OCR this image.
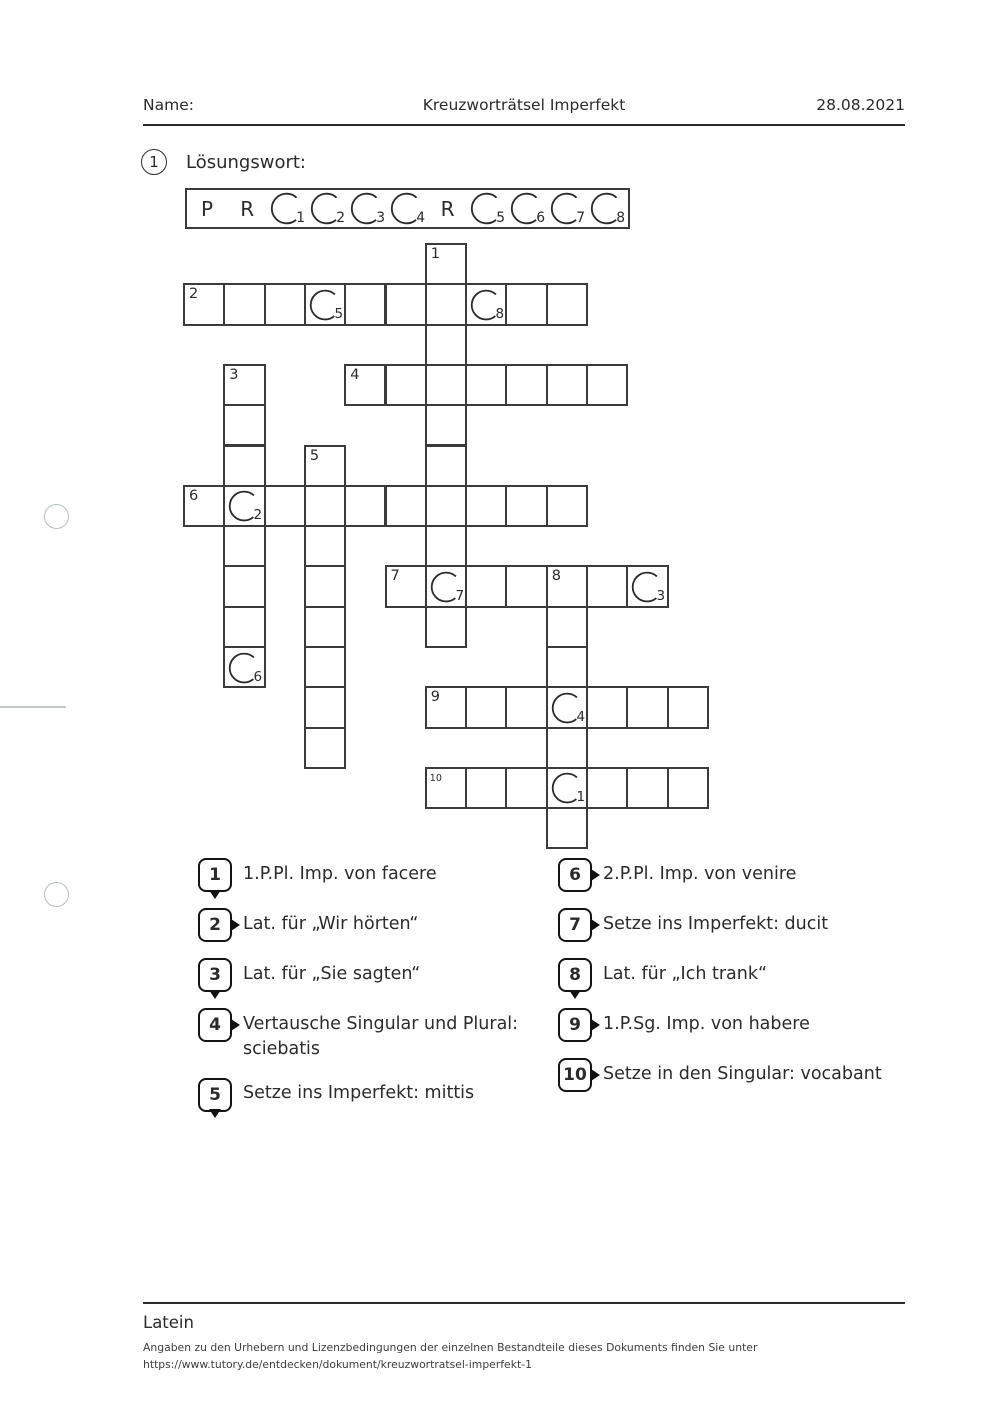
Name:	Kreuzworträtsel Imperfekt	28.08.2021
1 Lösungswort:
P R	1 2 3 4 R	5 6 7 8
1
2
5	8
3
6
4
5
6
2
7
7	3
8
9
4
10
1
1 1.P.Pl. Imp. von facere
2 Lat. für „Wir hörten“
3 Lat. für „Sie sagten“
4 Vertausche Singular und Plural: sciebatis
5 Setze ins Imperfekt: mittis
6 2.P.Pl. Imp. von venire
7 Setze ins Imperfekt: ducit
8 Lat. für „Ich trank“
9 1.P.Sg. Imp. von habere
10 Setze in den Singular: vocabant
Latein
Angaben zu den Urhebern und Lizenzbedingungen der einzelnen Bestandteile dieses Dokuments finden Sie unter
https://www.tutory.de/entdecken/dokument/kreuzwortratsel-imperfekt-1
